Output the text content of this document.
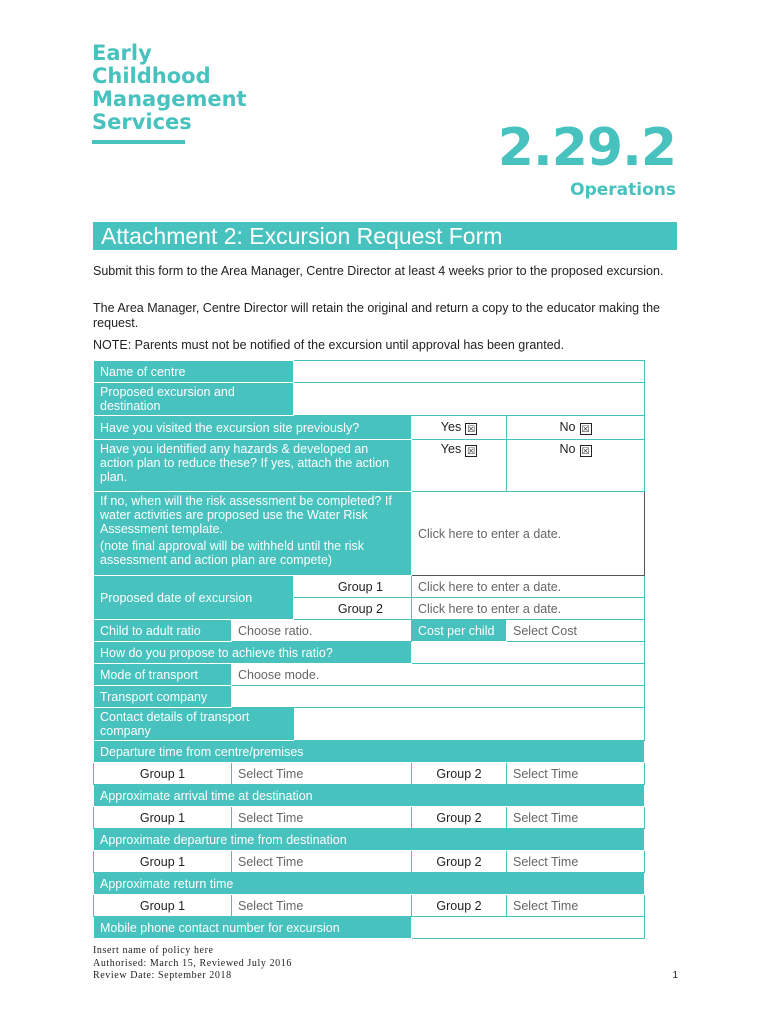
Early
Childhood
Management
Services	2.29.2
Operations
Attachment 2: Excursion Request Form
Submit this form to the Area Manager, Centre Director at least 4 weeks prior to the proposed excursion.
The Area Manager, Centre Director will retain the original and return a copy to the educator making the request.
NOTE: Parents must not be notified of the excursion until approval has been granted.
Name of centre				
Proposed excursion and destination				
Have you visited the excursion site previously?			Yes ☒	No ☒
Have you identified any hazards & developed an action plan to reduce these? If yes, attach the action plan.			Yes ☒	No ☒

If no, when will the risk assessment be completed? If water activities are proposed use the Water Risk Assessment template.
(note final approval will be withheld until the risk assessment and action plan are compete)			Click here to enter a date.	
Proposed date of excursion		Group 1	Click here to enter a date.	
		Group 2	Click here to enter a date.	
Child to adult ratio	Choose ratio.		Cost per child	Select Cost
How do you propose to achieve this ratio?				
Mode of transport	Choose mode.			
Transport company				
Contact details of transport company				
Departure time from centre/premises				
Group 1	Select Time		Group 2	Select Time
Approximate arrival time at destination				
Group 1	Select Time		Group 2	Select Time
Approximate departure time from destination				
Group 1	Select Time		Group 2	Select Time
Approximate return time				
Group 1	Select Time		Group 2	Select Time
Mobile phone contact number for excursion				
Insert name of policy here
Authorised: March 15, Reviewed July 2016
Review Date: September 2018	1
